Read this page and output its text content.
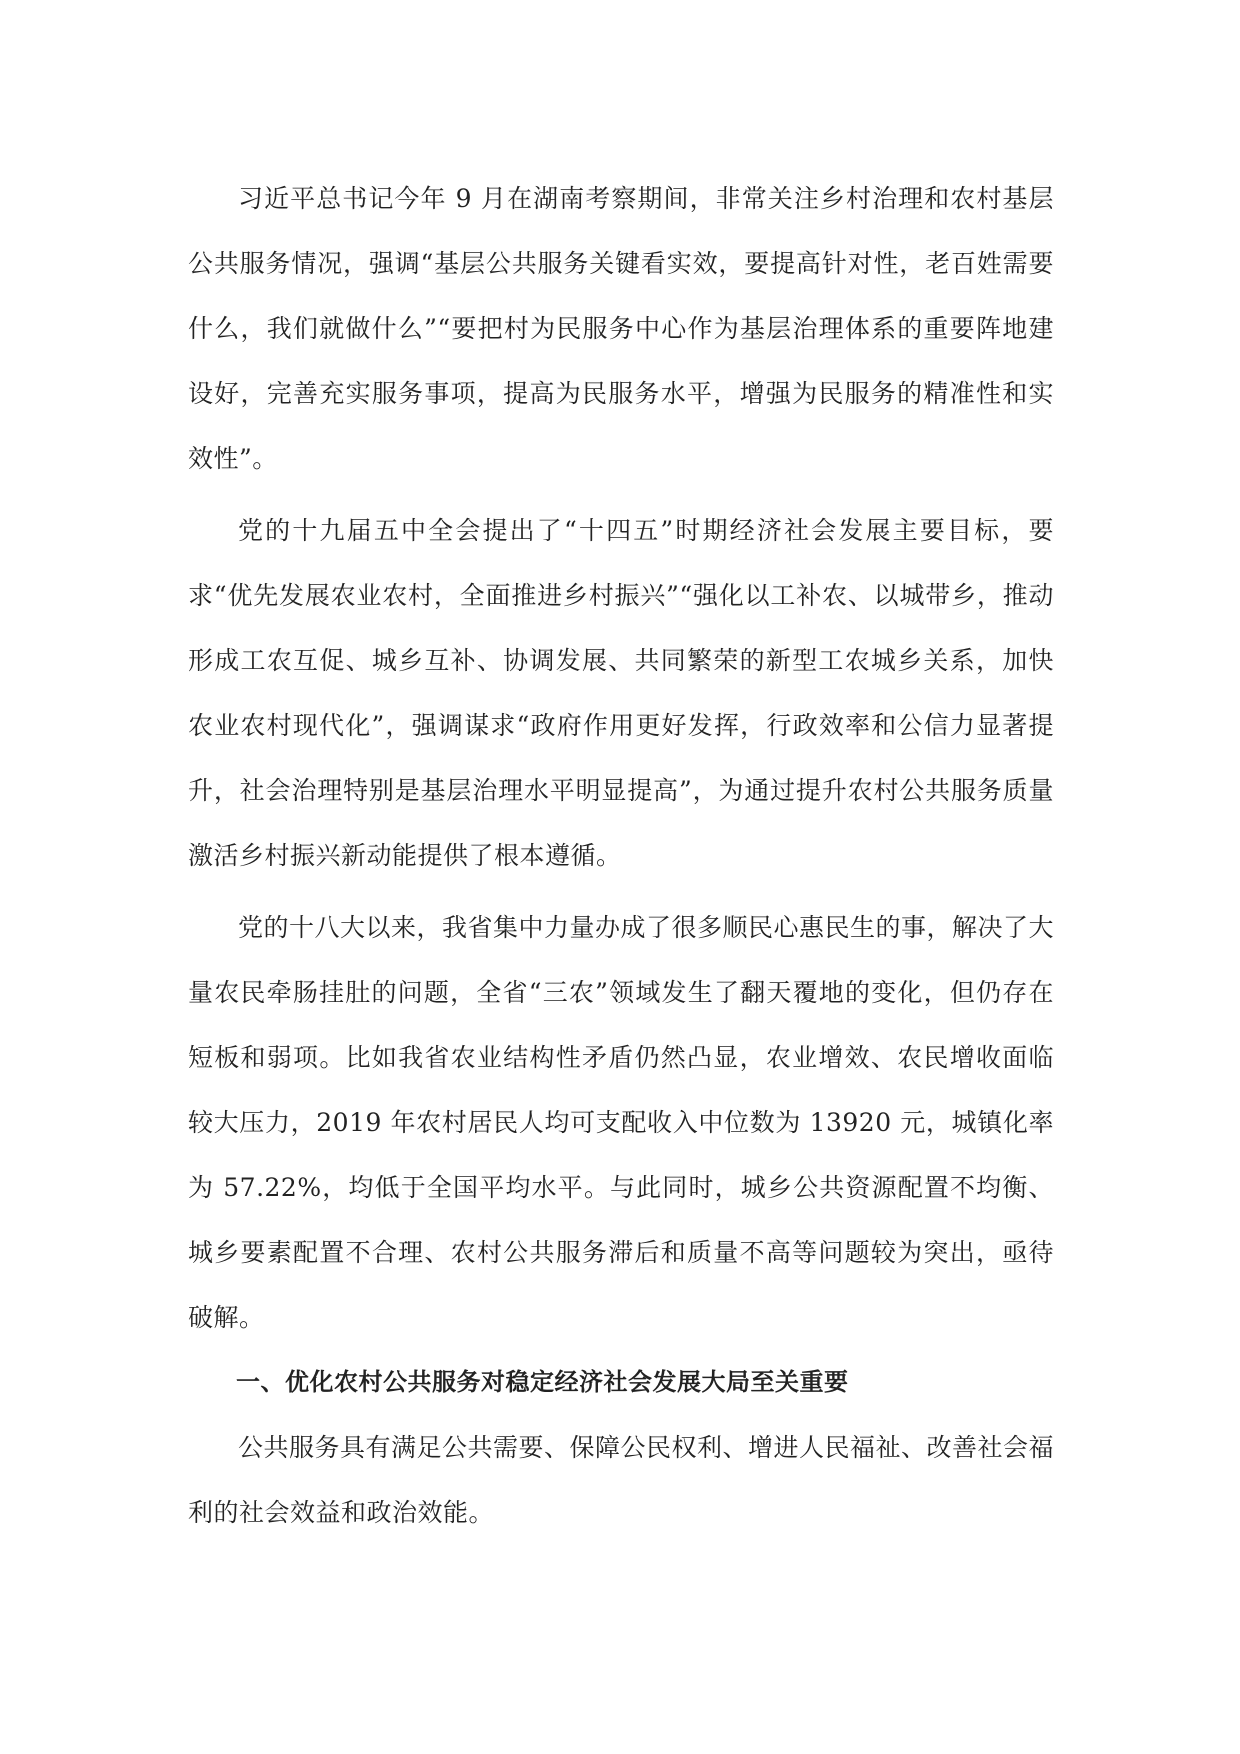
习近平总书记今年 9 月在湖南考察期间，非常关注乡村治理和农村基层公共服务情况，强调“基层公共服务关键看实效，要提高针对性，老百姓需要什么，我们就做什么”“要把村为民服务中心作为基层治理体系的重要阵地建设好，完善充实服务事项，提高为民服务水平，增强为民服务的精准性和实效性”。

党的十九届五中全会提出了“十四五”时期经济社会发展主要目标，要求“优先发展农业农村，全面推进乡村振兴”“强化以工补农、以城带乡，推动形成工农互促、城乡互补、协调发展、共同繁荣的新型工农城乡关系，加快农业农村现代化”，强调谋求“政府作用更好发挥，行政效率和公信力显著提升，社会治理特别是基层治理水平明显提高”，为通过提升农村公共服务质量激活乡村振兴新动能提供了根本遵循。

党的十八大以来，我省集中力量办成了很多顺民心惠民生的事，解决了大量农民牵肠挂肚的问题，全省“三农”领域发生了翻天覆地的变化，但仍存在短板和弱项。比如我省农业结构性矛盾仍然凸显，农业增效、农民增收面临较大压力，2019 年农村居民人均可支配收入中位数为 13920 元，城镇化率为 57.22%，均低于全国平均水平。与此同时，城乡公共资源配置不均衡、城乡要素配置不合理、农村公共服务滞后和质量不高等问题较为突出，亟待破解。

一、优化农村公共服务对稳定经济社会发展大局至关重要

公共服务具有满足公共需要、保障公民权利、增进人民福祉、改善社会福利的社会效益和政治效能。
